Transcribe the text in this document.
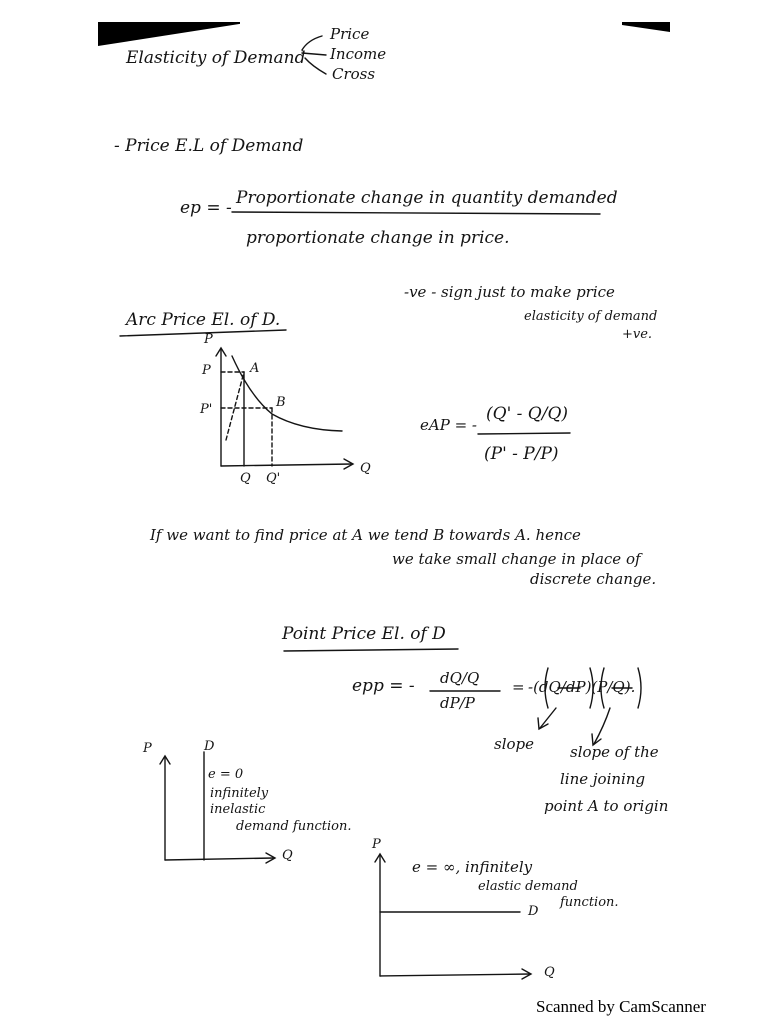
Elasticity of Demand
Price
Income
Cross
- Price E.L of Demand
ep = - Proportionate change in quantity demanded
proportionate change in price.
-ve - sign just to make price
elasticity of demand
+ve.
Arc Price El. of D.
P
P
P'
A
B
Q Q'
Q
eAP = -
(Q' - Q/Q)
(P' - P/P)
If we want to find price at A we tend B towards A. hence
we take small change in place of
discrete change.
Point Price El. of D
epp = - dQ/Q
dP/P
= -(dQ/dP)(P/Q).
slope slope of the
line joining
point A to origin
P	D
e = 0
infinitely
inelastic
demand function.
Q
P
e = ∞, infinitely
elastic demand
function.
D
Q
Scanned by CamScanner
